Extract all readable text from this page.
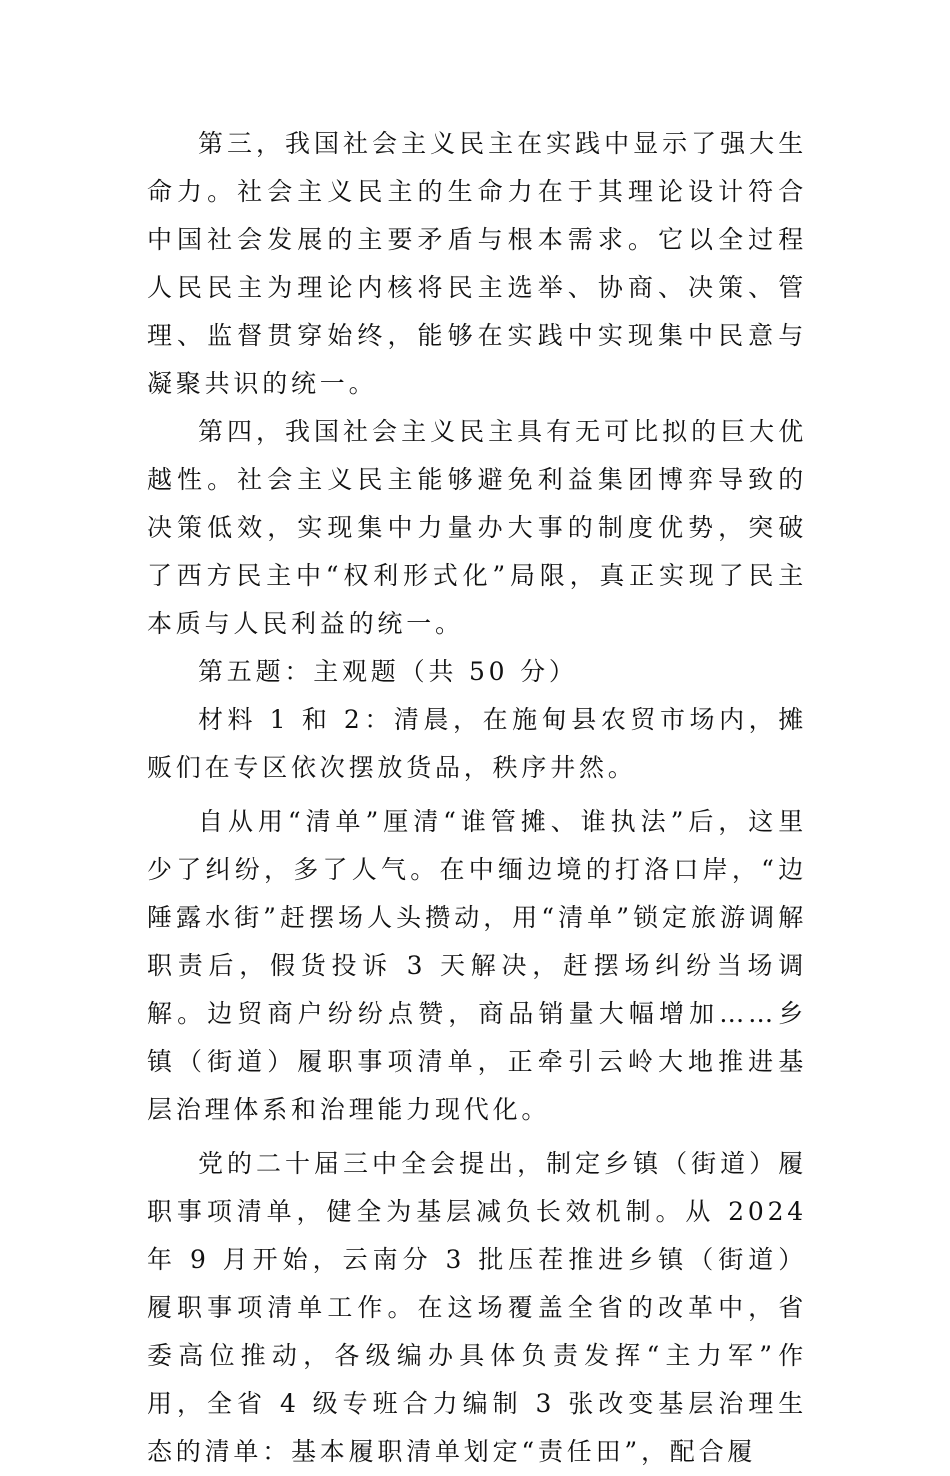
第三，我国社会主义民主在实践中显示了强大生命力。社会主义民主的生命力在于其理论设计符合中国社会发展的主要矛盾与根本需求。它以全过程人民民主为理论内核将民主选举、协商、决策、管理、监督贯穿始终，能够在实践中实现集中民意与凝聚共识的统一。

第四，我国社会主义民主具有无可比拟的巨大优越性。社会主义民主能够避免利益集团博弈导致的决策低效，实现集中力量办大事的制度优势，突破了西方民主中“权利形式化”局限，真正实现了民主本质与人民利益的统一。

第五题：主观题（共 50 分）

材料 1 和 2：清晨，在施甸县农贸市场内，摊贩们在专区依次摆放货品，秩序井然。

自从用“清单”厘清“谁管摊、谁执法”后，这里少了纠纷，多了人气。在中缅边境的打洛口岸，“边陲露水街”赶摆场人头攒动，用“清单”锁定旅游调解职责后，假货投诉 3 天解决，赶摆场纠纷当场调解。边贸商户纷纷点赞，商品销量大幅增加……乡镇（街道）履职事项清单，正牵引云岭大地推进基层治理体系和治理能力现代化。

党的二十届三中全会提出，制定乡镇（街道）履职事项清单，健全为基层减负长效机制。从 2024 年 9 月开始，云南分 3 批压茬推进乡镇（街道）履职事项清单工作。在这场覆盖全省的改革中，省委高位推动，各级编办具体负责发挥“主力军”作用，全省 4 级专班合力编制 3 张改变基层治理生态的清单：基本履职清单划定“责任田”，配合履
